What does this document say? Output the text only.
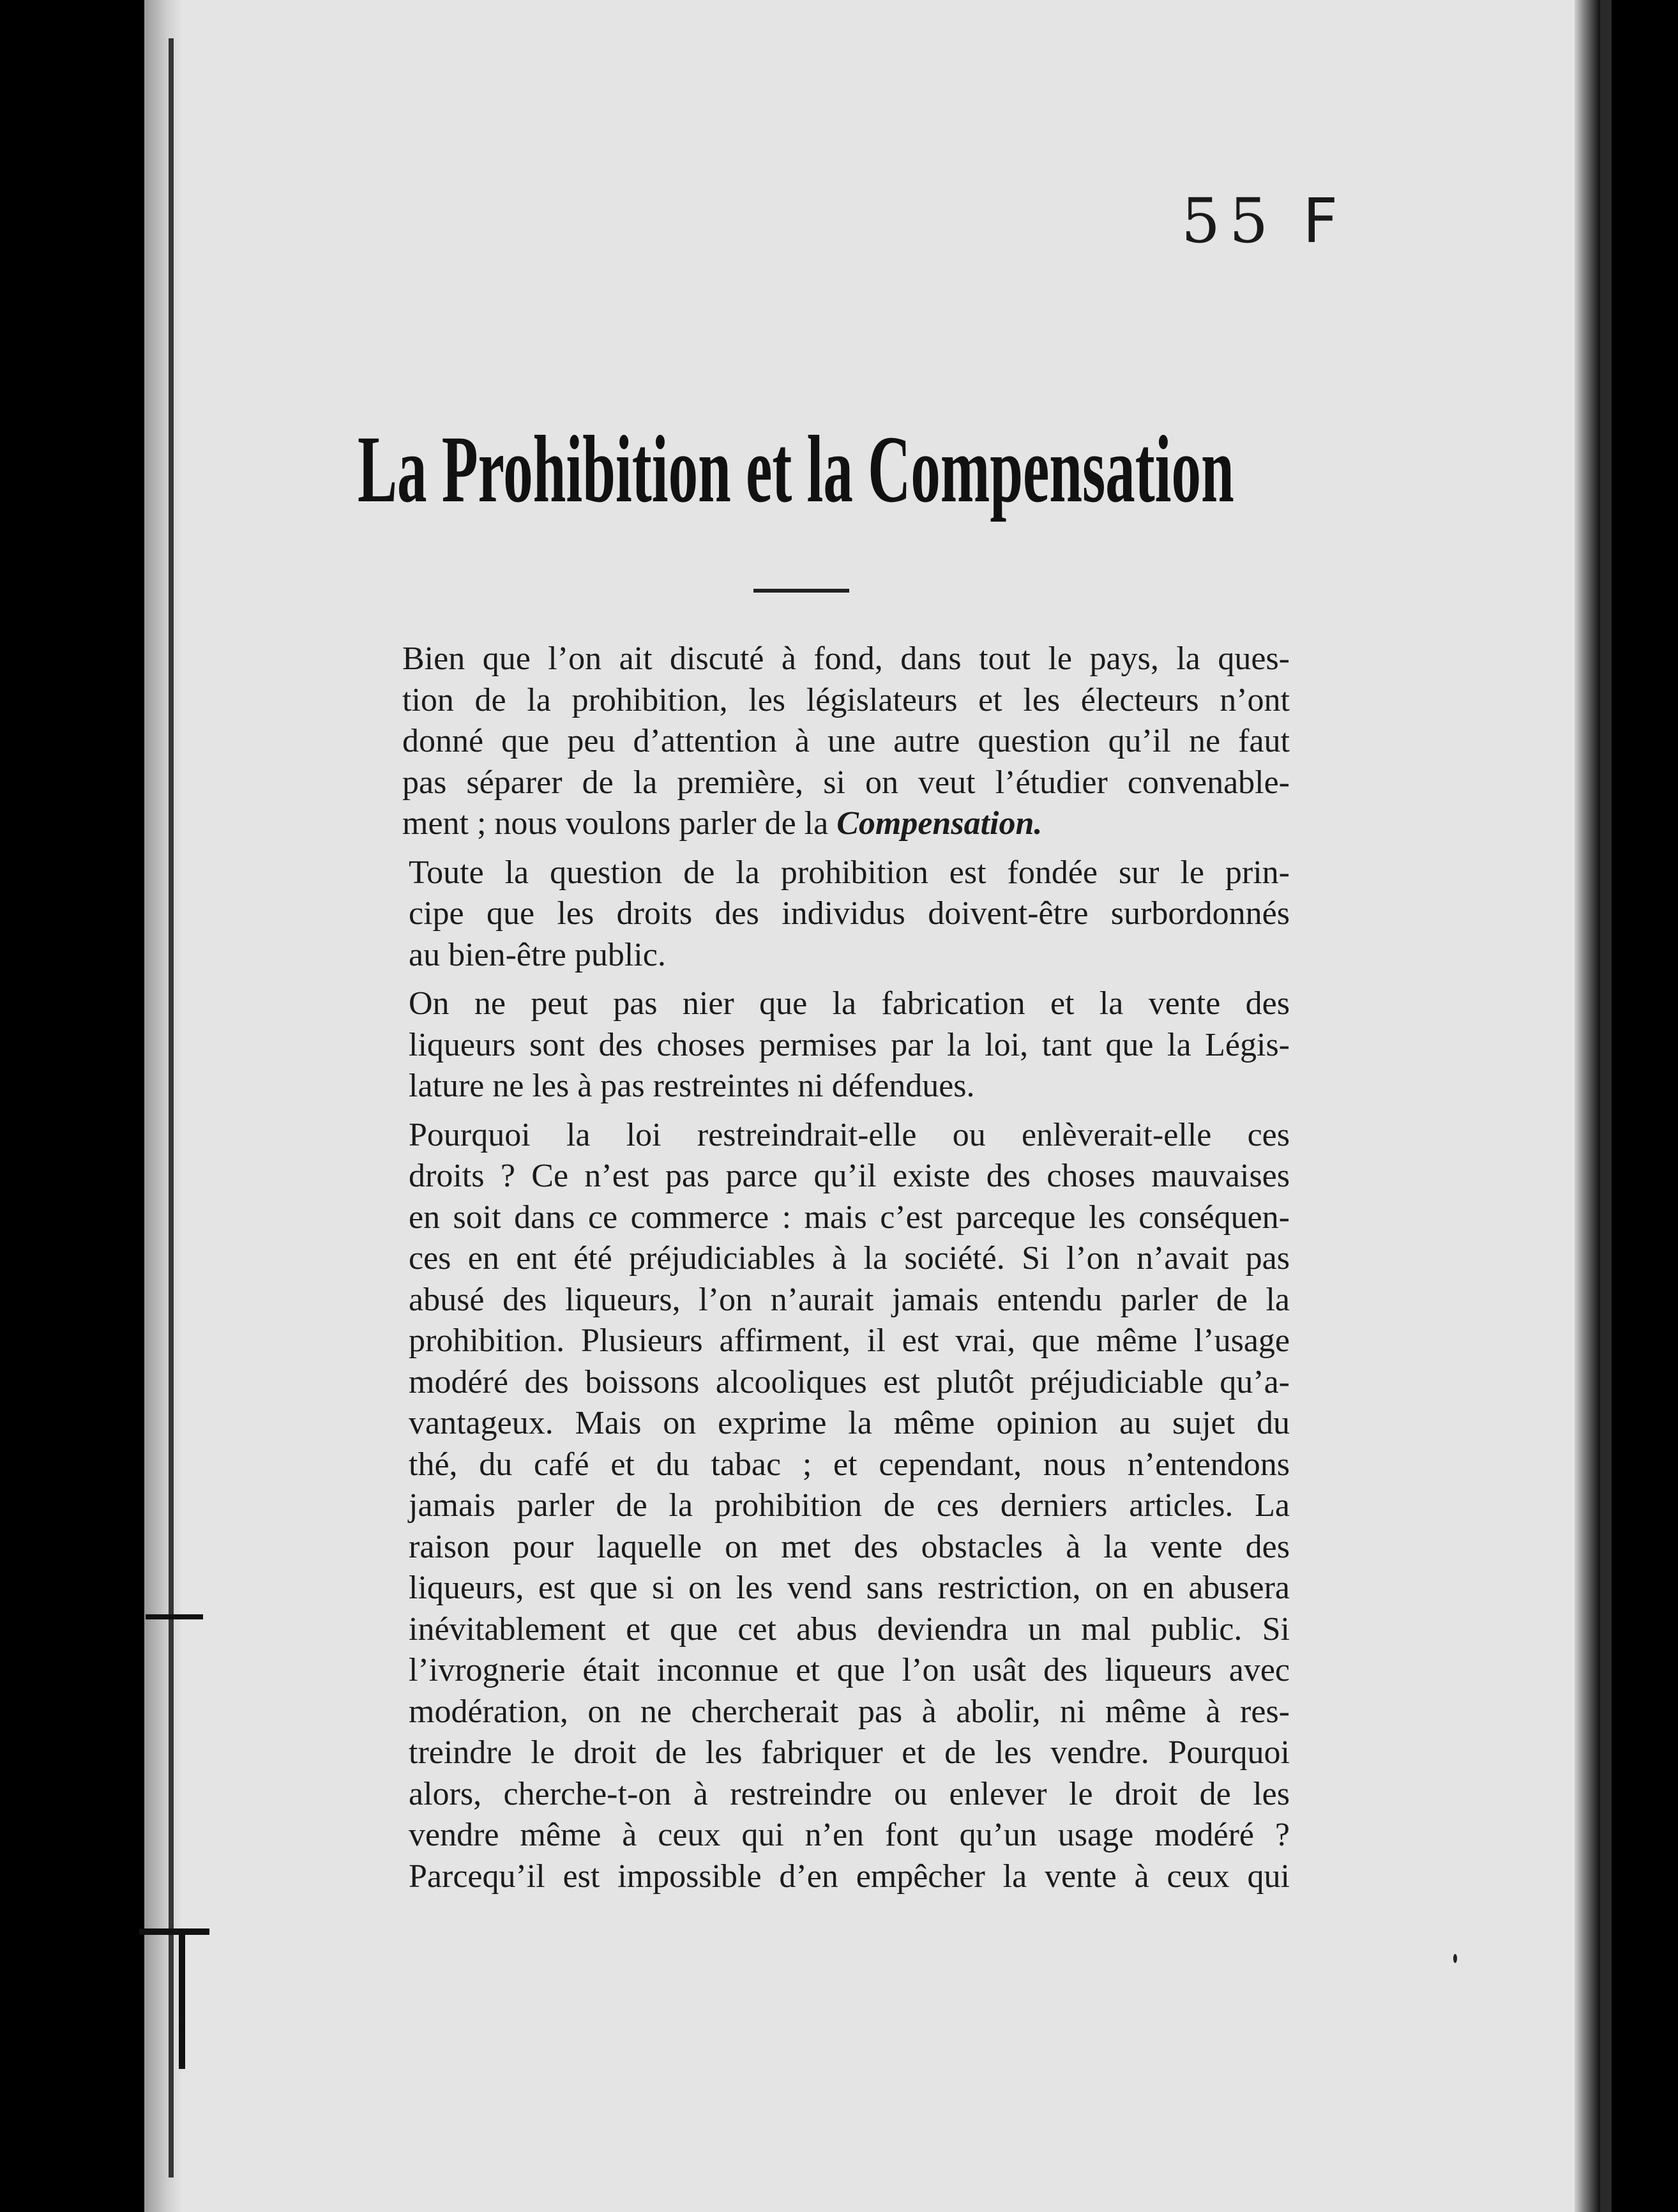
55 F
La Prohibition et la Compensation

Bien que l’on ait discuté à fond, dans tout le pays, la ques-
tion de la prohibition, les législateurs et les électeurs n’ont
donné que peu d’attention à une autre question qu’il ne faut
pas séparer de la première, si on veut l’étudier convenable-
ment ; nous voulons parler de la Compensation.

Toute la question de la prohibition est fondée sur le prin-
cipe que les droits des individus doivent-être surbordonnés
au bien-être public.

On ne peut pas nier que la fabrication et la vente des
liqueurs sont des choses permises par la loi, tant que la Légis-
lature ne les à pas restreintes ni défendues.

Pourquoi la loi restreindrait-elle ou enlèverait-elle ces
droits ? Ce n’est pas parce qu’il existe des choses mauvaises
en soit dans ce commerce : mais c’est parceque les conséquen-
ces en ent été préjudiciables à la société. Si l’on n’avait pas
abusé des liqueurs, l’on n’aurait jamais entendu parler de la
prohibition. Plusieurs affirment, il est vrai, que même l’usage
modéré des boissons alcooliques est plutôt préjudiciable qu’a-
vantageux. Mais on exprime la même opinion au sujet du
thé, du café et du tabac ; et cependant, nous n’entendons
jamais parler de la prohibition de ces derniers articles. La
raison pour laquelle on met des obstacles à la vente des
liqueurs, est que si on les vend sans restriction, on en abusera
inévitablement et que cet abus deviendra un mal public. Si
l’ivrognerie était inconnue et que l’on usât des liqueurs avec
modération, on ne chercherait pas à abolir, ni même à res-
treindre le droit de les fabriquer et de les vendre. Pourquoi
alors, cherche-t-on à restreindre ou enlever le droit de les
vendre même à ceux qui n’en font qu’un usage modéré ?
Parcequ’il est impossible d’en empêcher la vente à ceux qui
